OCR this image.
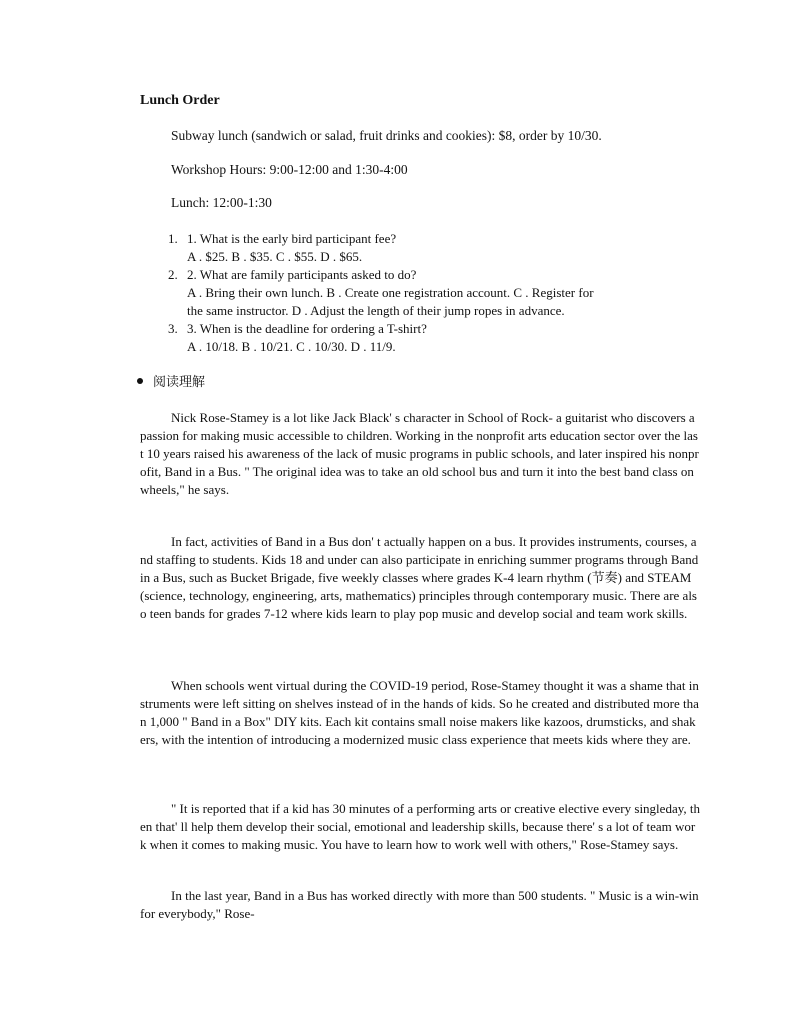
Lunch Order
Subway lunch (sandwich or salad, fruit drinks and cookies): $8, order by 10/30.
Workshop Hours: 9:00-12:00 and 1:30-4:00
Lunch: 12:00-1:30
1. 1. What is the early bird participant fee?
A . $25. B . $35. C . $55. D . $65.
2. 2. What are family participants asked to do?
A . Bring their own lunch. B . Create one registration account. C . Register for the same instructor. D . Adjust the length of their jump ropes in advance.
3. 3. When is the deadline for ordering a T-shirt?
A . 10/18. B . 10/21. C . 10/30. D . 11/9.
阅读理解
Nick Rose-Stamey is a lot like Jack Black' s character in School of Rock- a guitarist who discovers a passion for making music accessible to children. Working in the nonprofit arts education sector over the last 10 years raised his awareness of the lack of music programs in public schools, and later inspired his nonprofit, Band in a Bus. " The original idea was to take an old school bus and turn it into the best band class on wheels," he says.
In fact, activities of Band in a Bus don' t actually happen on a bus. It provides instruments, courses, and staffing to students. Kids 18 and under can also participate in enriching summer programs through Band in a Bus, such as Bucket Brigade, five weekly classes where grades K-4 learn rhythm (节奏) and STEAM (science, technology, engineering, arts, mathematics) principles through contemporary music. There are also teen bands for grades 7-12 where kids learn to play pop music and develop social and team work skills.
When schools went virtual during the COVID-19 period, Rose-Stamey thought it was a shame that instruments were left sitting on shelves instead of in the hands of kids. So he created and distributed more than 1,000 " Band in a Box" DIY kits. Each kit contains small noise makers like kazoos, drumsticks, and shakers, with the intention of introducing a modernized music class experience that meets kids where they are.
" It is reported that if a kid has 30 minutes of a performing arts or creative elective every singleday, then that' ll help them develop their social, emotional and leadership skills, because there' s a lot of team work when it comes to making music. You have to learn how to work well with others," Rose-Stamey says.
In the last year, Band in a Bus has worked directly with more than 500 students. " Music is a win-win for everybody," Rose-
